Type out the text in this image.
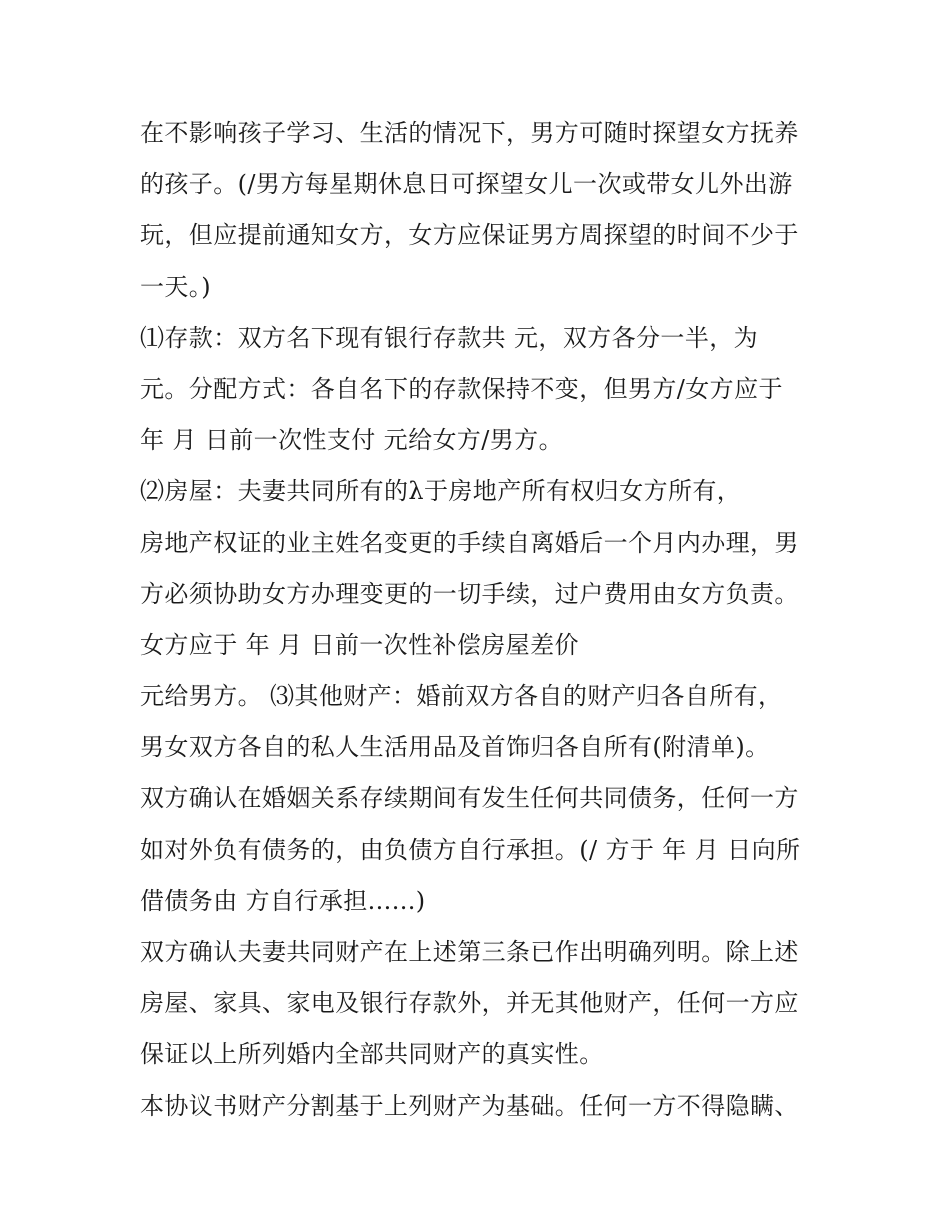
在不影响孩子学习、生活的情况下，男方可随时探望女方抚养
的孩子。(/男方每星期休息日可探望女儿一次或带女儿外出游
玩，但应提前通知女方，女方应保证男方周探望的时间不少于
一天。)
⑴存款：双方名下现有银行存款共 元，双方各分一半，为
元。分配方式：各自名下的存款保持不变，但男方/女方应于
年 月 日前一次性支付 元给女方/男方。
⑵房屋：夫妻共同所有的λ于房地产所有权归女方所有，
房地产权证的业主姓名变更的手续自离婚后一个月内办理，男
方必须协助女方办理变更的一切手续，过户费用由女方负责。
女方应于 年 月 日前一次性补偿房屋差价
元给男方。 ⑶其他财产：婚前双方各自的财产归各自所有，
男女双方各自的私人生活用品及首饰归各自所有(附清单)。
双方确认在婚姻关系存续期间有发生任何共同债务，任何一方
如对外负有债务的，由负债方自行承担。(/ 方于 年 月 日向所
借债务由 方自行承担......)
双方确认夫妻共同财产在上述第三条已作出明确列明。除上述
房屋、家具、家电及银行存款外，并无其他财产，任何一方应
保证以上所列婚内全部共同财产的真实性。
本协议书财产分割基于上列财产为基础。任何一方不得隐瞒、
